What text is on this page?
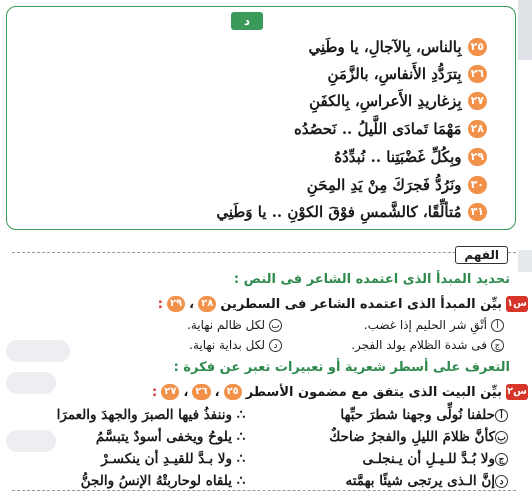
د
٢٥
بِالناس، بِالآجالِ، يا وطَنِي
٢٦
بِترَدُّدِ الأَنفاسِ، بالزَّمَنِ
٢٧
بِزغاريدِ الأَعراسِ، بِالكفَنِ
٢٨
مَهْمَا تَمادَى اللَّيلُ .. نَحصُدُه
٢٩
وبِكُلِّ غَضْبَتِنا .. نُبدِّدُهُ
٣٠
ونَرُدُّ فَجرَكَ مِنْ يَدِ المِحَنِ
٣١
مُتألِّقًا، كالشَّمسِ فوْقَ الكوْنِ .. يا وَطَنِي
الفهم
تحديد المبدأ الذى اعتمده الشاعر فى النص :
س١
بيِّن المبدأ الذى اعتمده الشاعر فى السطرين
٢٨
،
٢٩
:
أ
أتْقِ شر الحليم إذا غضب.
ب
لكل ظالم نهاية.
ج
فى شدة الظلام يولد الفجر.
د
لكل بداية نهاية.
التعرف على أسطر شعرية أو تعبيرات تعبر عن فكرة :
س٢
بيِّن البيت الذى يتفق مع مضمون الأسطر
٢٥
،
٢٦
،
٢٧
:
أ
حلفنا نُولِّى وجهنا شطرَ حبِّها
∴
وننفذُ فيها الصبرَ والجهدَ والعمرَا
ب
كأنَّ ظلامَ الليلِ والفجرُ ضاحكٌ
∴
يلوحُ ويخفى أسودٌ يتبسَّمُ
ج
ولا بُـدَّ للـيـلِ أن يـنجلـى
∴
ولا بـدَّ للقيـدِ أن ينكسـرْ
د
إنَّ الـذى يرتجى شيئًا بهمَّته
∴
يلقاه لوحاربتْهُ الإنسُ والجنُّ
